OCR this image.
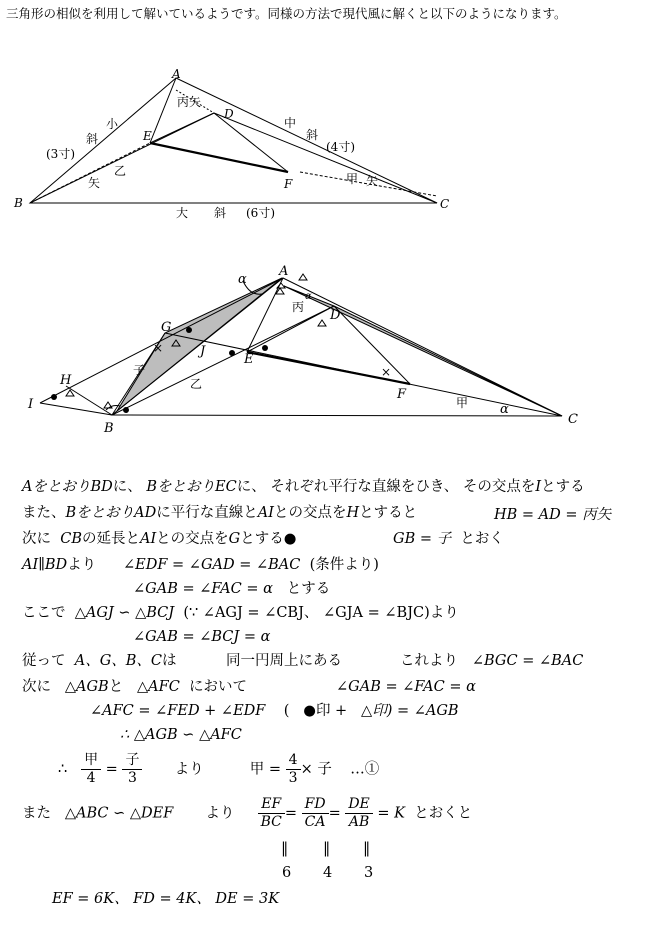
三角形の相似を利用して解いているようです。同様の方法で現代風に解くと以下のようになります。
A
B	C
D
E
F
丙矢
小
斜
(3寸)
中
斜
(4寸)
乙
矢	甲 矢
大 斜 (6寸)
α
α
α
A
B
C
D
E
F
G
H
I
J
丙
子
乙
甲
×
×
AをとおりBDに、 BをとおりECに、 それぞれ平行な直線をひき、 その交点をIとする
また、BをとおりADに平行な直線とAIとの交点をHとすると	HB = AD = 丙矢
次に CBの延長とAIとの交点をGとする●	GB = 子 とおく
AI∥BDより ∠EDF = ∠GAD = ∠BAC (条件より)
∠GAB = ∠FAC = α とする
ここで △AGJ ∽ △BCJ (∵ ∠AGJ = ∠CBJ、 ∠GJA = ∠BJC)より
∠GAB = ∠BCJ = α
従って A、G、B、Cは	同一円周上にある	これより ∠BGC = ∠BAC
次に △AGBと △AFC において	∠GAB = ∠FAC = α
∠AFC = ∠FED + ∠EDF ( ●印 + △印) = ∠AGB
∴ △AGB ∽ △AFC
∴ $\frac{\text{甲}}{4} = \frac{\text{子}}{3}$ より	甲 = $\frac{4}{3}$ × 子 …①
また △ABC ∽ △DEF より $\frac{EF}{BC} = \frac{FD}{CA} = \frac{DE}{AB} = K$ とおくと
‖ ‖ ‖
6 4 3
EF = 6K、 FD = 4K、 DE = 3K
